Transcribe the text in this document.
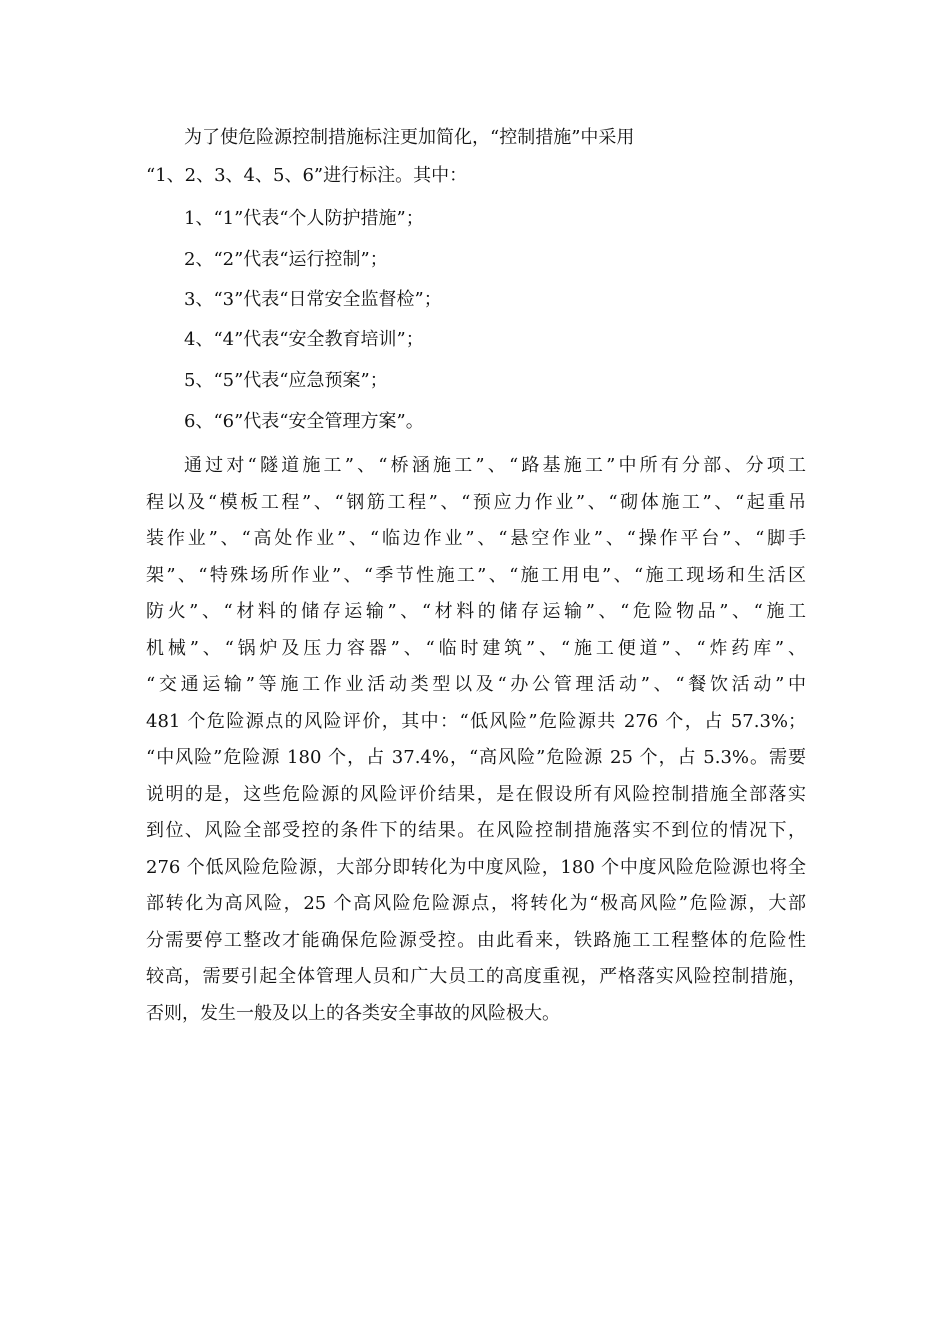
为了使危险源控制措施标注更加简化，“控制措施”中采用
“1、2、3、4、5、6”进行标注。其中：
1、“1”代表“个人防护措施”；
2、“2”代表“运行控制”；
3、“3”代表“日常安全监督检”；
4、“4”代表“安全教育培训”；
5、“5”代表“应急预案”；
6、“6”代表“安全管理方案”。
通过对“隧道施工”、“桥涵施工”、“路基施工”中所有分部、分项工
程以及“模板工程”、“钢筋工程”、“预应力作业”、“砌体施工”、“起重吊
装作业”、“高处作业”、“临边作业”、“悬空作业”、“操作平台”、“脚手
架”、“特殊场所作业”、“季节性施工”、“施工用电”、“施工现场和生活区
防火”、“材料的储存运输”、“材料的储存运输”、“危险物品”、“施工
机械”、“锅炉及压力容器”、“临时建筑”、“施工便道”、“炸药库”、
“交通运输”等施工作业活动类型以及“办公管理活动”、“餐饮活动”中
481 个危险源点的风险评价，其中：“低风险”危险源共 276 个，占 57.3%；
“中风险”危险源 180 个，占 37.4%，“高风险”危险源 25 个，占 5.3%。需要
说明的是，这些危险源的风险评价结果，是在假设所有风险控制措施全部落实
到位、风险全部受控的条件下的结果。在风险控制措施落实不到位的情况下，
276 个低风险危险源，大部分即转化为中度风险，180 个中度风险危险源也将全
部转化为高风险，25 个高风险危险源点，将转化为“极高风险”危险源，大部
分需要停工整改才能确保危险源受控。由此看来，铁路施工工程整体的危险性
较高，需要引起全体管理人员和广大员工的高度重视，严格落实风险控制措施，
否则，发生一般及以上的各类安全事故的风险极大。
